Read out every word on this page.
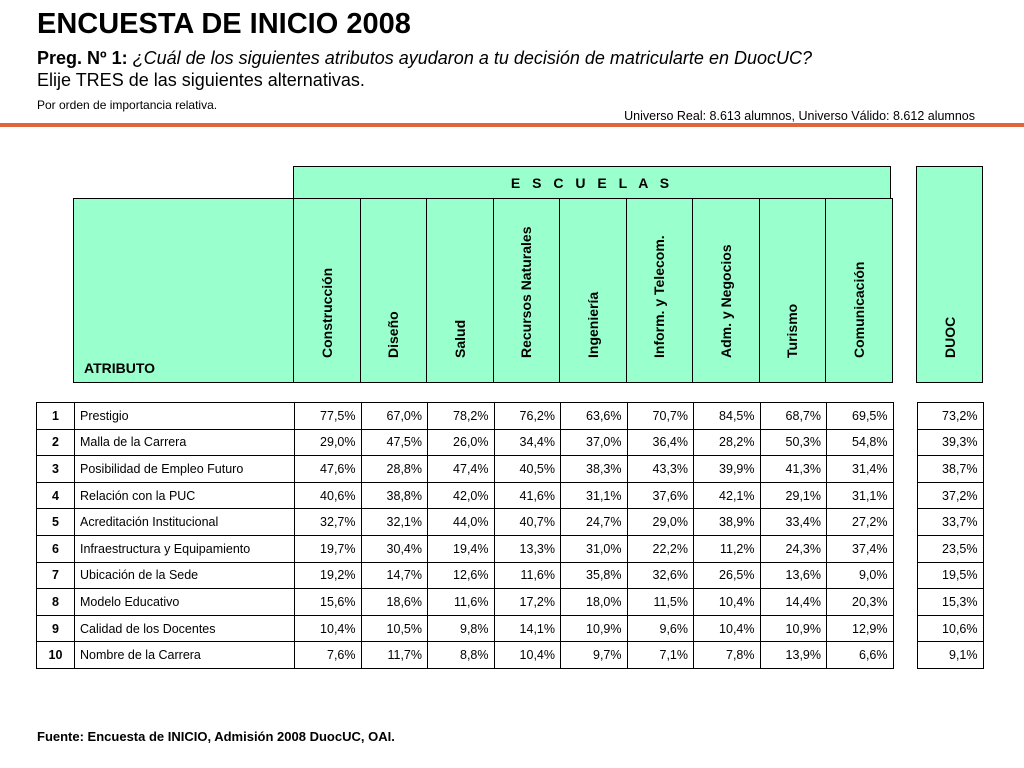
ENCUESTA DE INICIO 2008
Preg. Nº 1: ¿Cuál de los siguientes atributos ayudaron a tu decisión de matricularte en DuocUC?
Elije TRES de las siguientes alternativas.
Por orden de importancia relativa.
Universo Real: 8.613 alumnos, Universo Válido: 8.612 alumnos
E S C U E L A S
ATRIBUTO
Construcción	Diseño	Salud	Recursos Naturales	Ingeniería	Inform. y Telecom.	Adm. y Negocios	Turismo	Comunicación	DUOC
1	Prestigio	77,5%	67,0%	78,2%	76,2%	63,6%	70,7%	84,5%	68,7%	69,5%		73,2%
2	Malla de la Carrera	29,0%	47,5%	26,0%	34,4%	37,0%	36,4%	28,2%	50,3%	54,8%		39,3%
3	Posibilidad de Empleo Futuro	47,6%	28,8%	47,4%	40,5%	38,3%	43,3%	39,9%	41,3%	31,4%		38,7%
4	Relación con la PUC	40,6%	38,8%	42,0%	41,6%	31,1%	37,6%	42,1%	29,1%	31,1%		37,2%
5	Acreditación Institucional	32,7%	32,1%	44,0%	40,7%	24,7%	29,0%	38,9%	33,4%	27,2%		33,7%
6	Infraestructura y Equipamiento	19,7%	30,4%	19,4%	13,3%	31,0%	22,2%	11,2%	24,3%	37,4%		23,5%
7	Ubicación de la Sede	19,2%	14,7%	12,6%	11,6%	35,8%	32,6%	26,5%	13,6%	9,0%		19,5%
8	Modelo Educativo	15,6%	18,6%	11,6%	17,2%	18,0%	11,5%	10,4%	14,4%	20,3%		15,3%
9	Calidad de los Docentes	10,4%	10,5%	9,8%	14,1%	10,9%	9,6%	10,4%	10,9%	12,9%		10,6%
10	Nombre de la Carrera	7,6%	11,7%	8,8%	10,4%	9,7%	7,1%	7,8%	13,9%	6,6%		9,1%
Fuente: Encuesta de INICIO, Admisión 2008 DuocUC, OAI.
